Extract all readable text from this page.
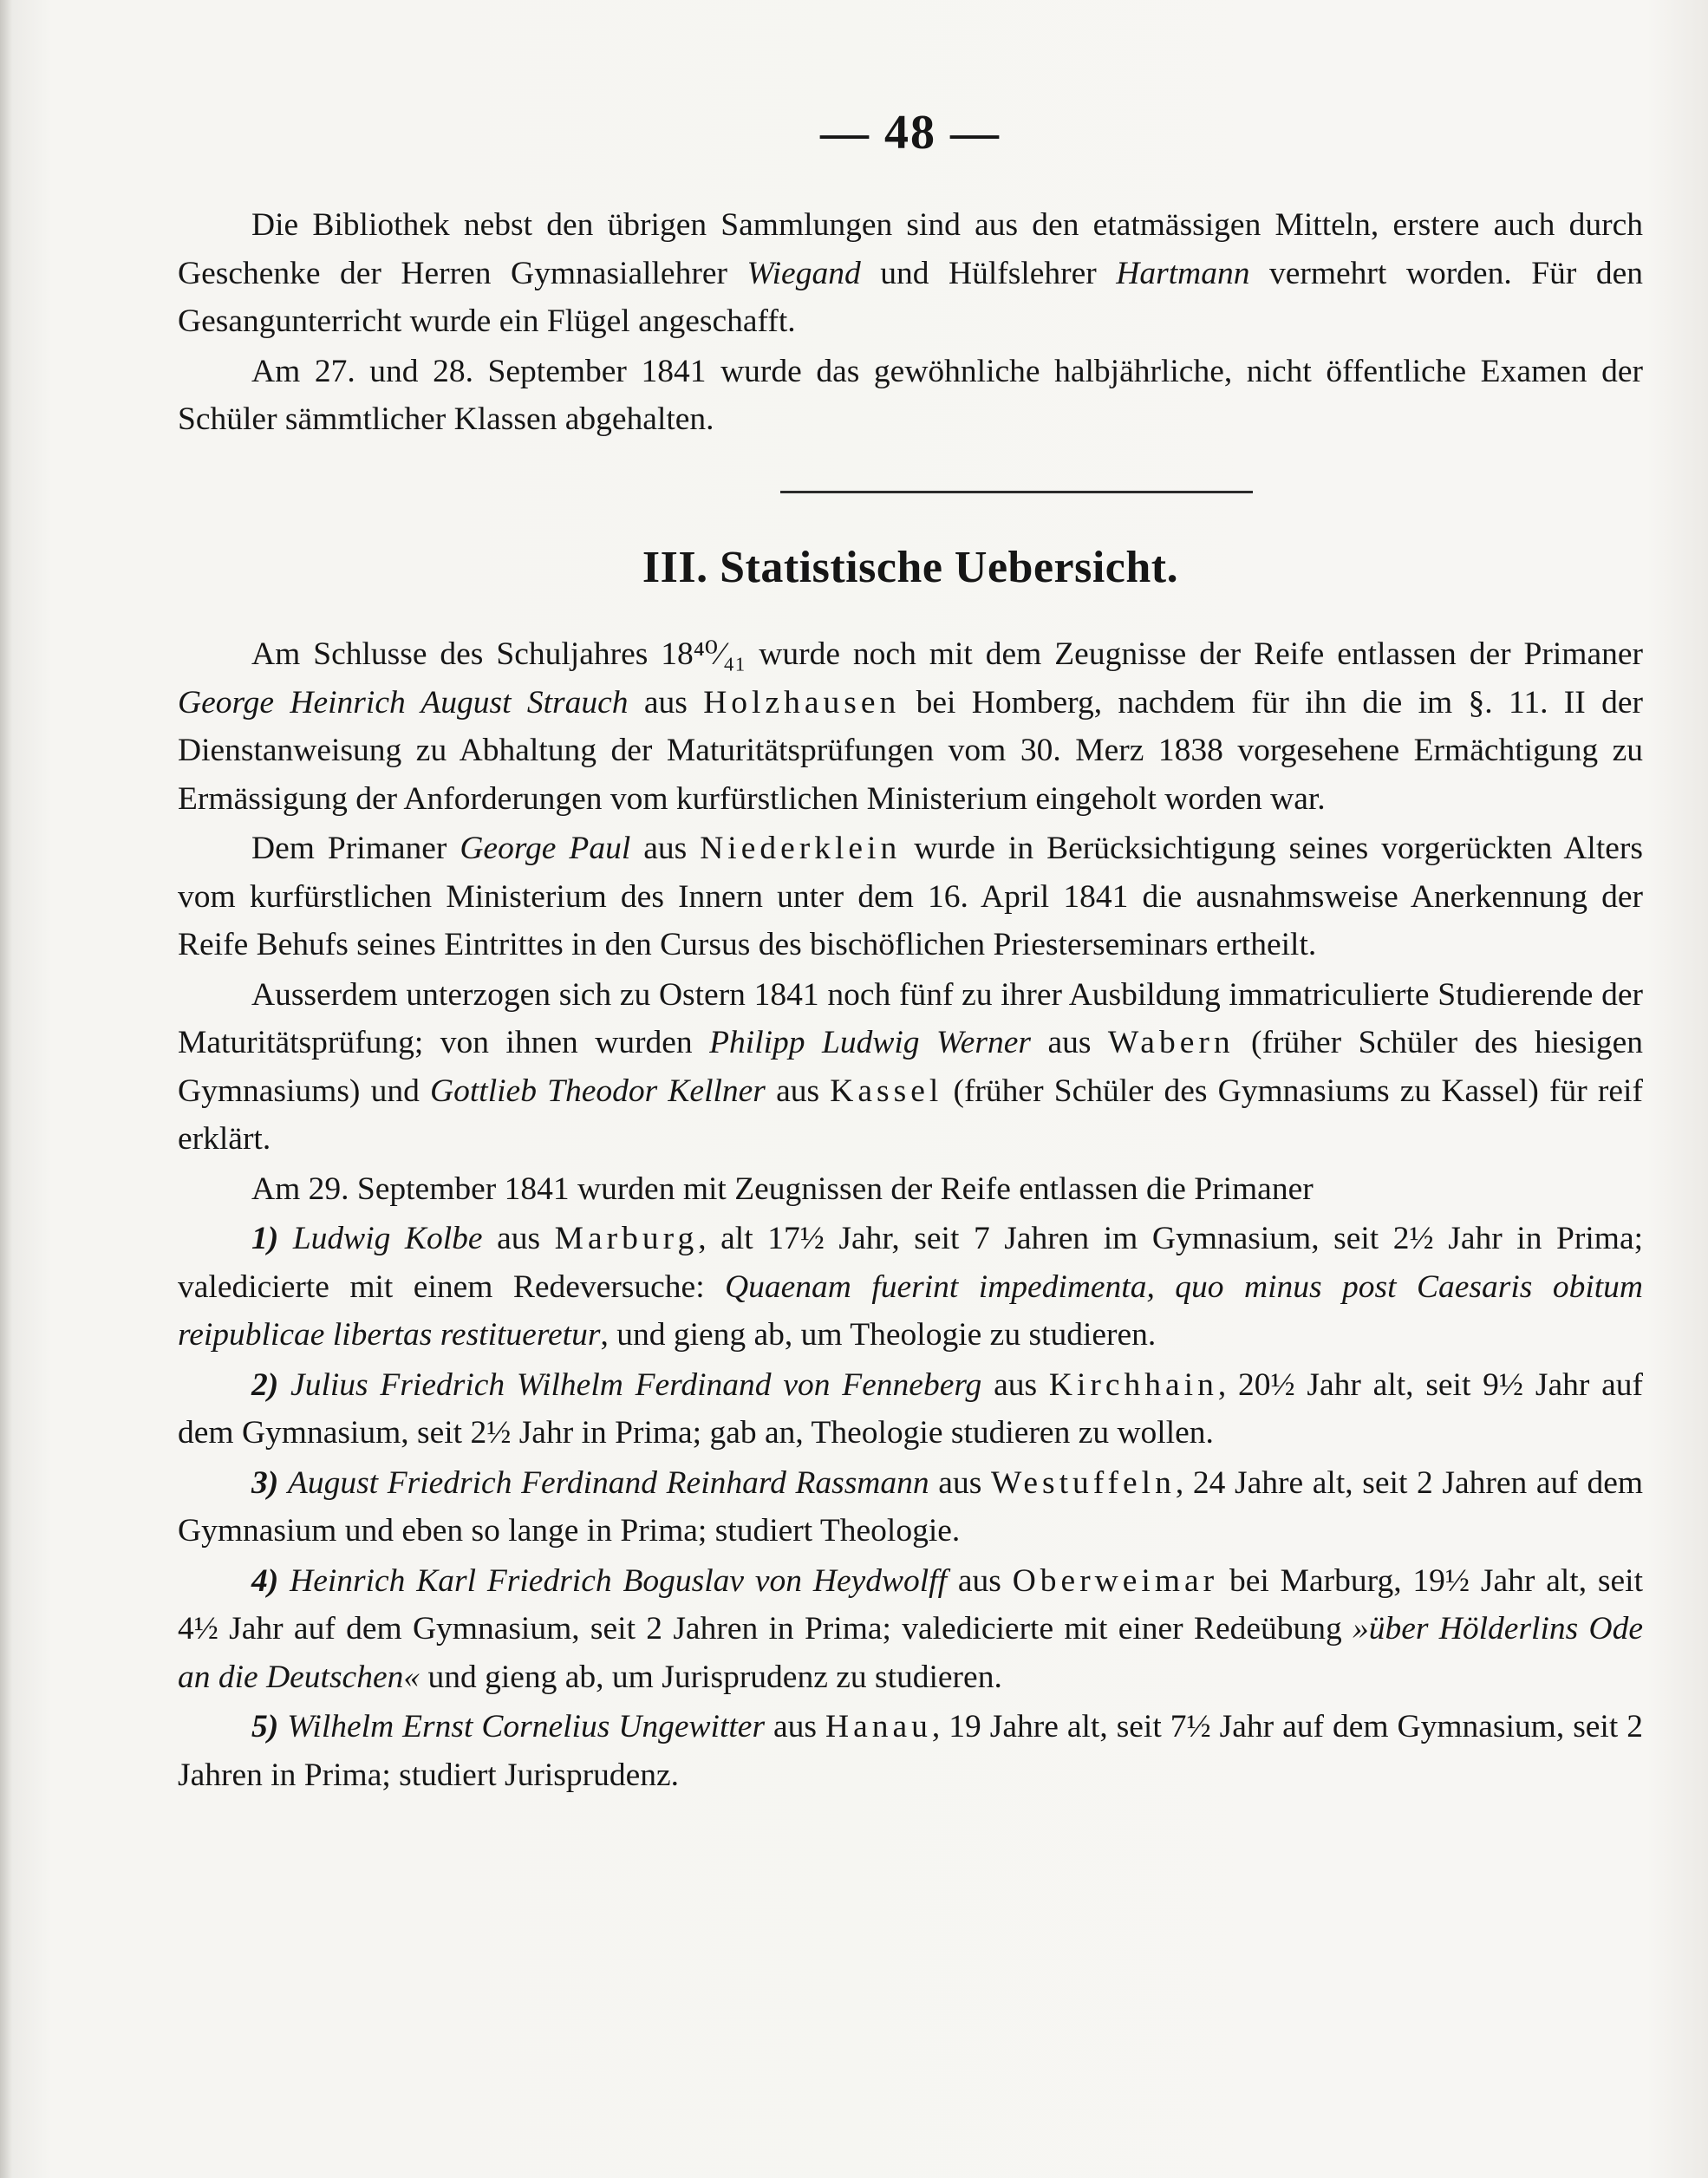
— 48 —

Die Bibliothek nebst den übrigen Sammlungen sind aus den etatmässigen Mitteln, erstere auch durch Geschenke der Herren Gymnasiallehrer Wiegand und Hülfslehrer Hartmann vermehrt worden. Für den Gesangunterricht wurde ein Flügel angeschafft.

Am 27. und 28. September 1841 wurde das gewöhnliche halbjährliche, nicht öffentliche Examen der Schüler sämmtlicher Klassen abgehalten.

III. Statistische Uebersicht.

Am Schlusse des Schuljahres 18⁴⁰⁄₄₁ wurde noch mit dem Zeugnisse der Reife entlassen der Primaner George Heinrich August Strauch aus Holzhausen bei Homberg, nachdem für ihn die im §. 11. II der Dienstanweisung zu Abhaltung der Maturitätsprüfungen vom 30. Merz 1838 vorgesehene Ermächtigung zu Ermässigung der Anforderungen vom kurfürstlichen Ministerium eingeholt worden war.

Dem Primaner George Paul aus Niederklein wurde in Berücksichtigung seines vorgerückten Alters vom kurfürstlichen Ministerium des Innern unter dem 16. April 1841 die ausnahmsweise Anerkennung der Reife Behufs seines Eintrittes in den Cursus des bischöflichen Priesterseminars ertheilt.

Ausserdem unterzogen sich zu Ostern 1841 noch fünf zu ihrer Ausbildung immatriculierte Studierende der Maturitätsprüfung; von ihnen wurden Philipp Ludwig Werner aus Wabern (früher Schüler des hiesigen Gymnasiums) und Gottlieb Theodor Kellner aus Kassel (früher Schüler des Gymnasiums zu Kassel) für reif erklärt.

Am 29. September 1841 wurden mit Zeugnissen der Reife entlassen die Primaner

1) Ludwig Kolbe aus Marburg, alt 17½ Jahr, seit 7 Jahren im Gymnasium, seit 2½ Jahr in Prima; valedicierte mit einem Redeversuche: Quaenam fuerint impedimenta, quo minus post Caesaris obitum reipublicae libertas restitueretur, und gieng ab, um Theologie zu studieren.

2) Julius Friedrich Wilhelm Ferdinand von Fenneberg aus Kirchhain, 20½ Jahr alt, seit 9½ Jahr auf dem Gymnasium, seit 2½ Jahr in Prima; gab an, Theologie studieren zu wollen.

3) August Friedrich Ferdinand Reinhard Rassmann aus Westuffeln, 24 Jahre alt, seit 2 Jahren auf dem Gymnasium und eben so lange in Prima; studiert Theologie.

4) Heinrich Karl Friedrich Boguslav von Heydwolff aus Oberweimar bei Marburg, 19½ Jahr alt, seit 4½ Jahr auf dem Gymnasium, seit 2 Jahren in Prima; valedicierte mit einer Redeübung »über Hölderlins Ode an die Deutschen« und gieng ab, um Jurisprudenz zu studieren.

5) Wilhelm Ernst Cornelius Ungewitter aus Hanau, 19 Jahre alt, seit 7½ Jahr auf dem Gymnasium, seit 2 Jahren in Prima; studiert Jurisprudenz.
